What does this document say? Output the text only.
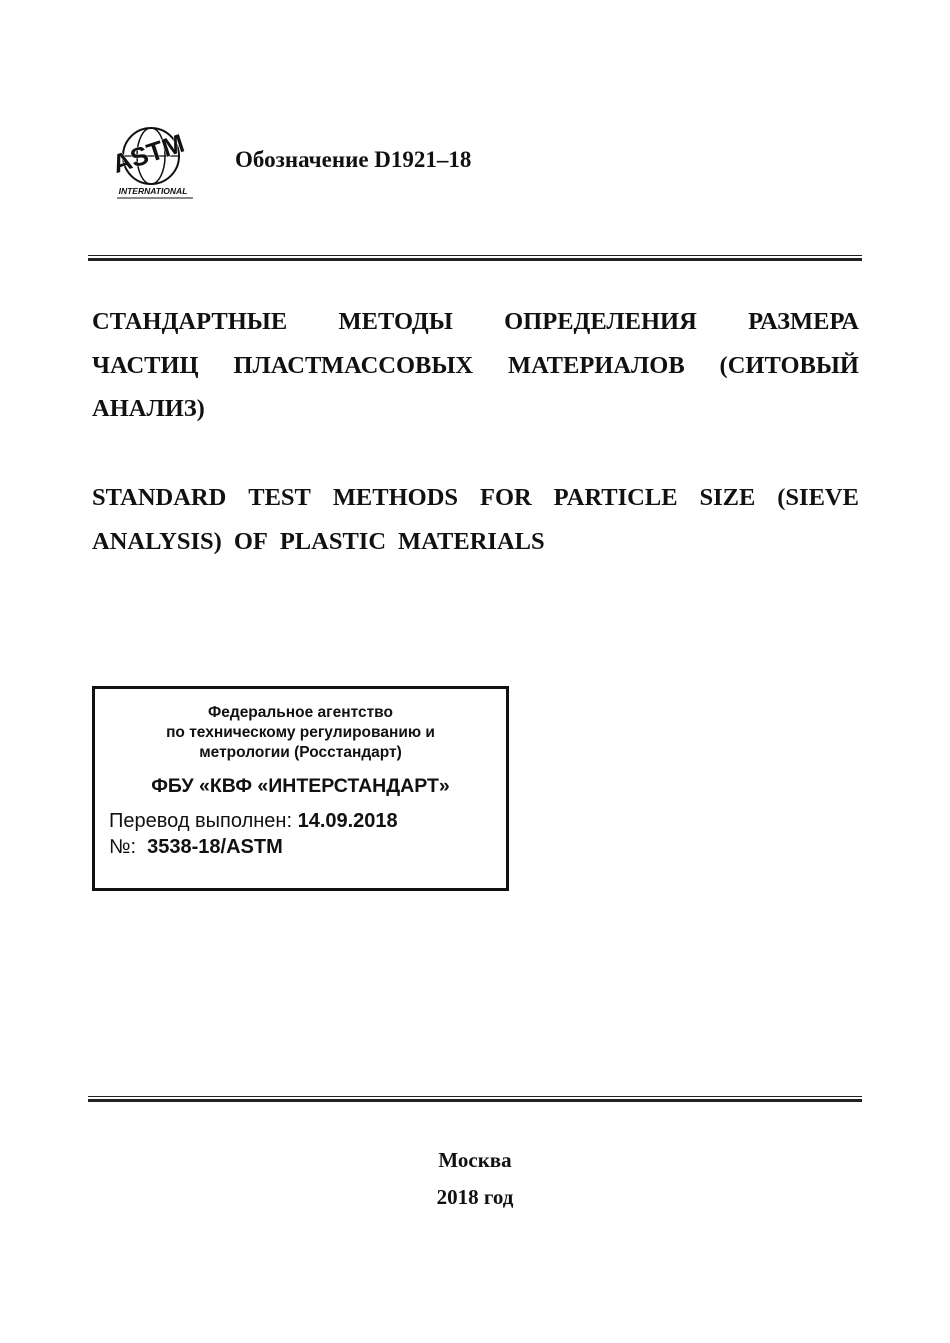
ASTM
INTERNATIONAL
Обозначение D1921–18
СТАНДАРТНЫЕ МЕТОДЫ ОПРЕДЕЛЕНИЯ РАЗМЕРА
ЧАСТИЦ ПЛАСТМАССОВЫХ МАТЕРИАЛОВ (СИТОВЫЙ
АНАЛИЗ)
STANDARD TEST METHODS FOR PARTICLE SIZE (SIEVE
ANALYSIS) OF PLASTIC MATERIALS
Федеральное агентство
по техническому регулированию и
метрологии (Росстандарт)
ФБУ «КВФ «ИНТЕРСТАНДАРТ»
Перевод выполнен: 14.09.2018
№: 3538-18/ASTM
Москва
2018 год
